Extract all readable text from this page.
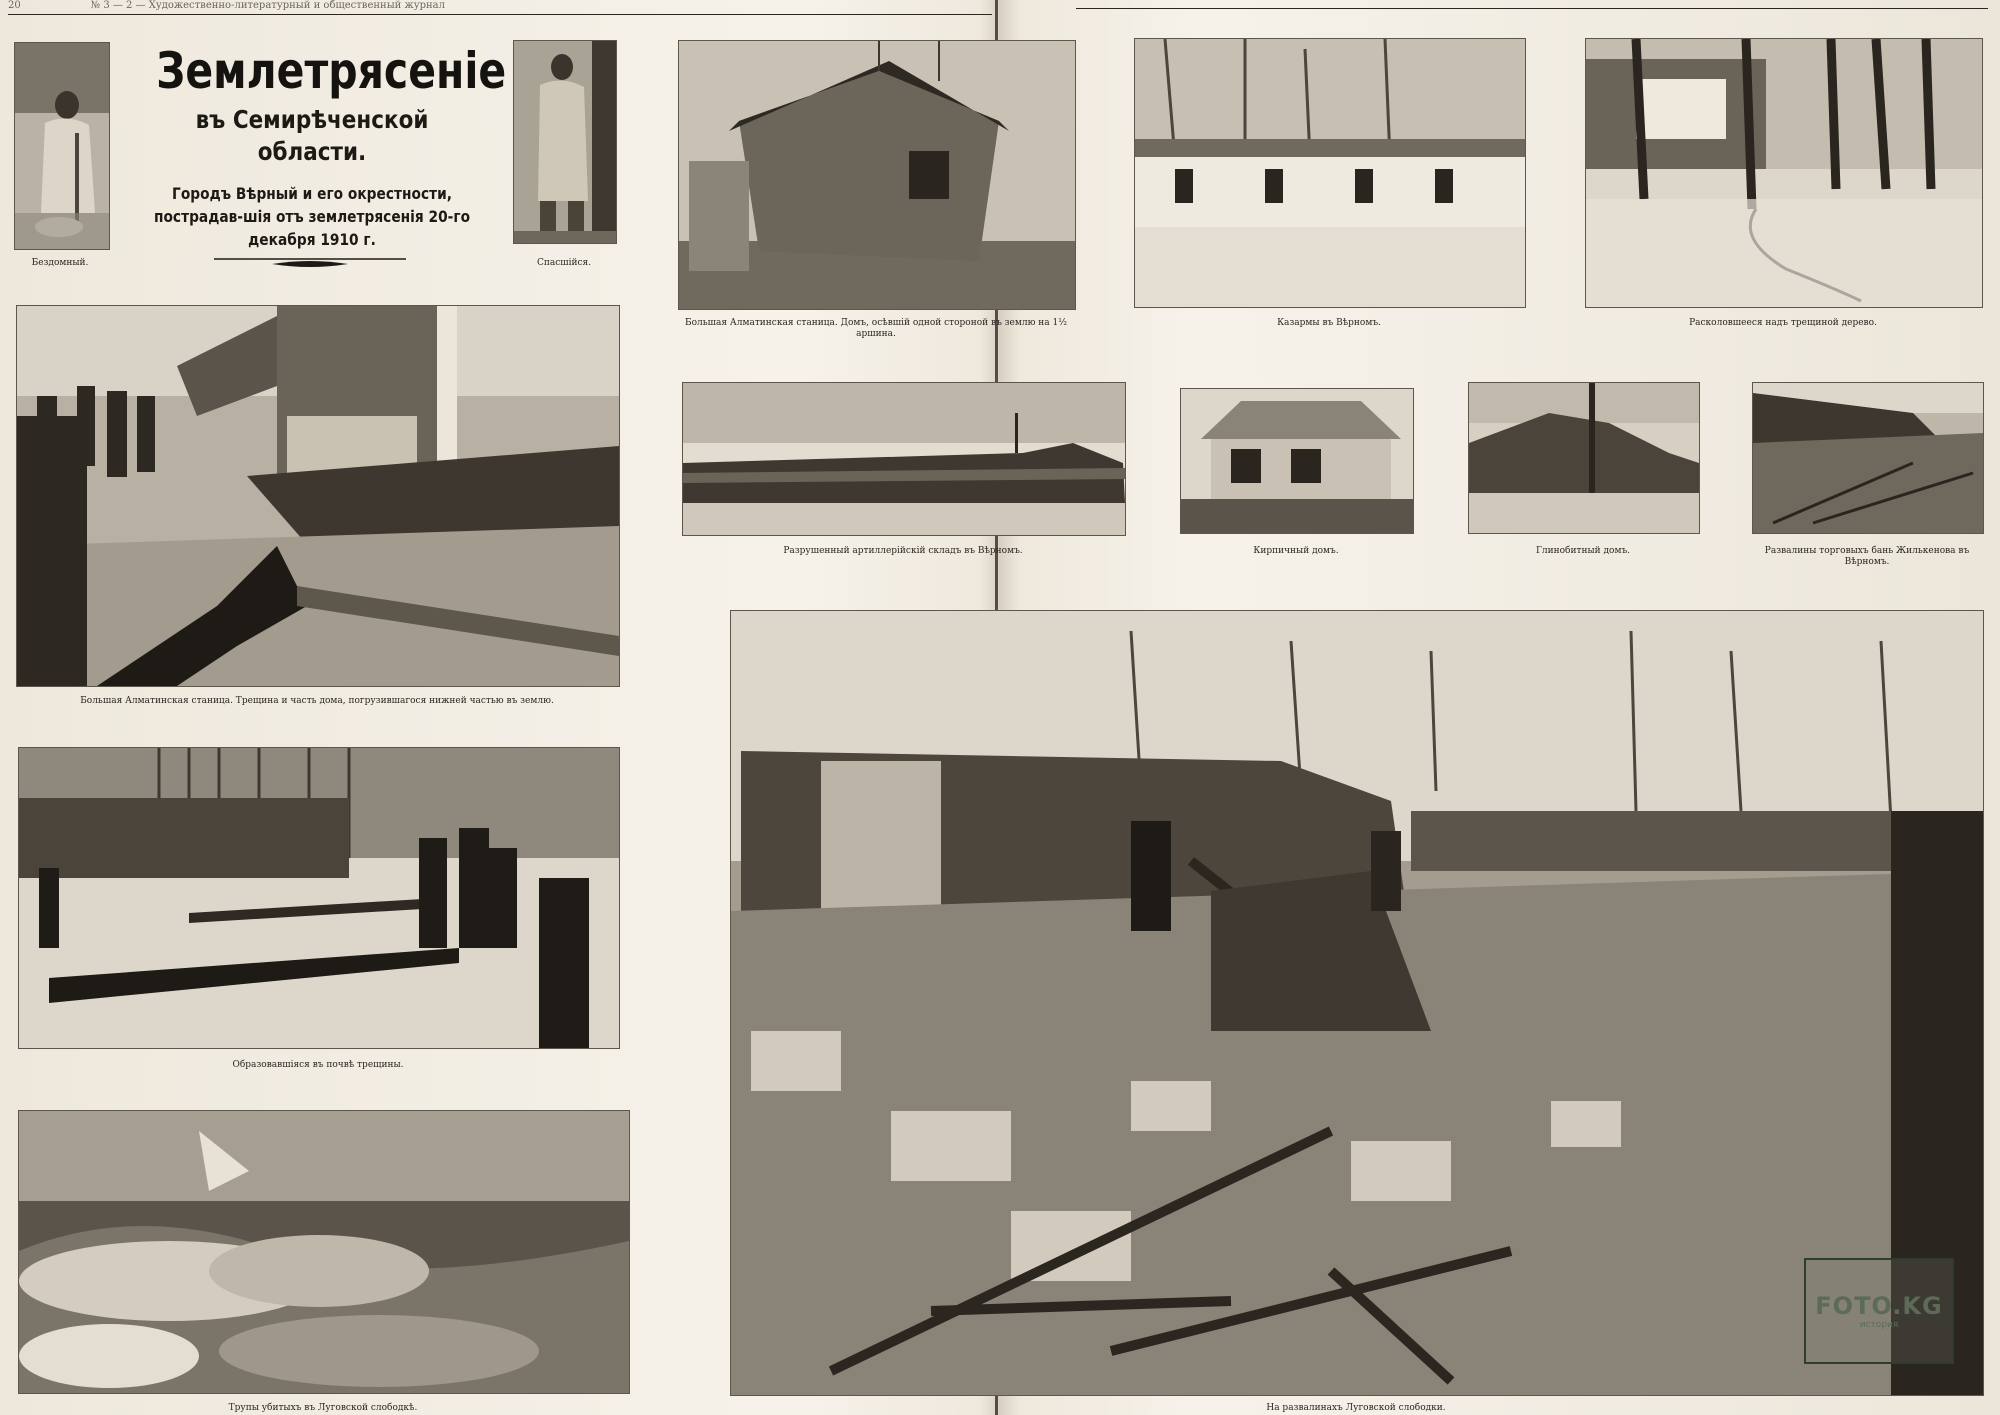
20	№ 3 — 2 — Художественно-литературный и общественный журнал
Бездомный.
Землетрясеніе
въ Семирѣченской области.
Городъ Вѣрный и его окрестности, пострадав-шія отъ землетрясенія 20-го декабря 1910 г.
Спасшійся.
Большая Алматинская станица. Трещина и часть дома, погрузившагося нижней частью въ землю.
Образовавшіяся въ почвѣ трещины.
Трупы убитыхъ въ Луговской слободкѣ.
Большая Алматинская станица. Домъ, осѣвшій одной стороной въ землю на 1½ аршина.
Разрушенный артиллерійскій складъ въ Вѣрномъ.
На развалинахъ Луговской слободки.
Казармы въ Вѣрномъ.	Расколовшееся надъ трещиной дерево.
Кирпичный домъ.	Глинобитный домъ.	Развалины торговыхъ бань Жилькенова въ Вѣрномъ.
FOTO.KG
история
